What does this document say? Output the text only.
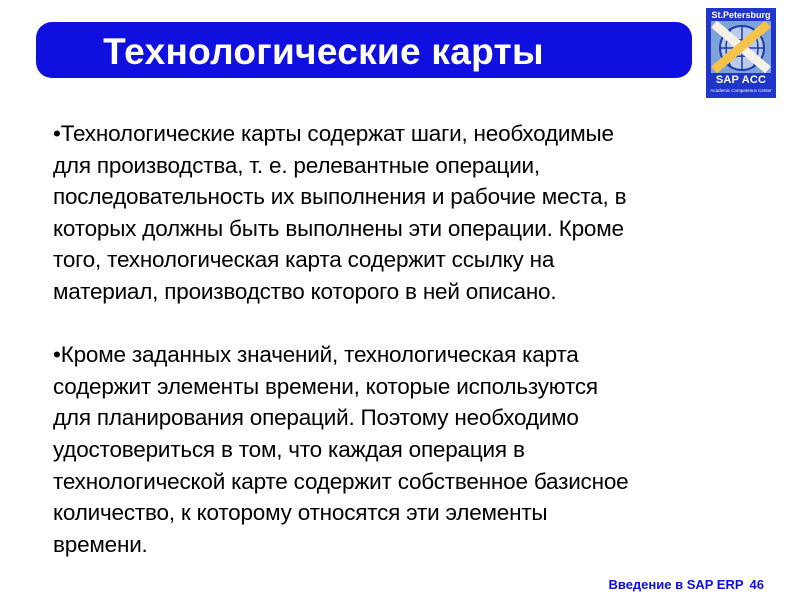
Технологические карты
St.Petersburg
SAP ACC
Academic Competence Center
•Технологические карты содержат шаги, необходимые
для производства, т. е. релевантные операции,
последовательность их выполнения и рабочие места, в
которых должны быть выполнены эти операции. Кроме
того, технологическая карта содержит ссылку на
материал, производство которого в ней описано.
•Кроме заданных значений, технологическая карта
содержит элементы времени, которые используются
для планирования операций. Поэтому необходимо
удостовериться в том, что каждая операция в
технологической карте содержит собственное базисное
количество, к которому относятся эти элементы
времени.
Введение в SAP ERP 46
